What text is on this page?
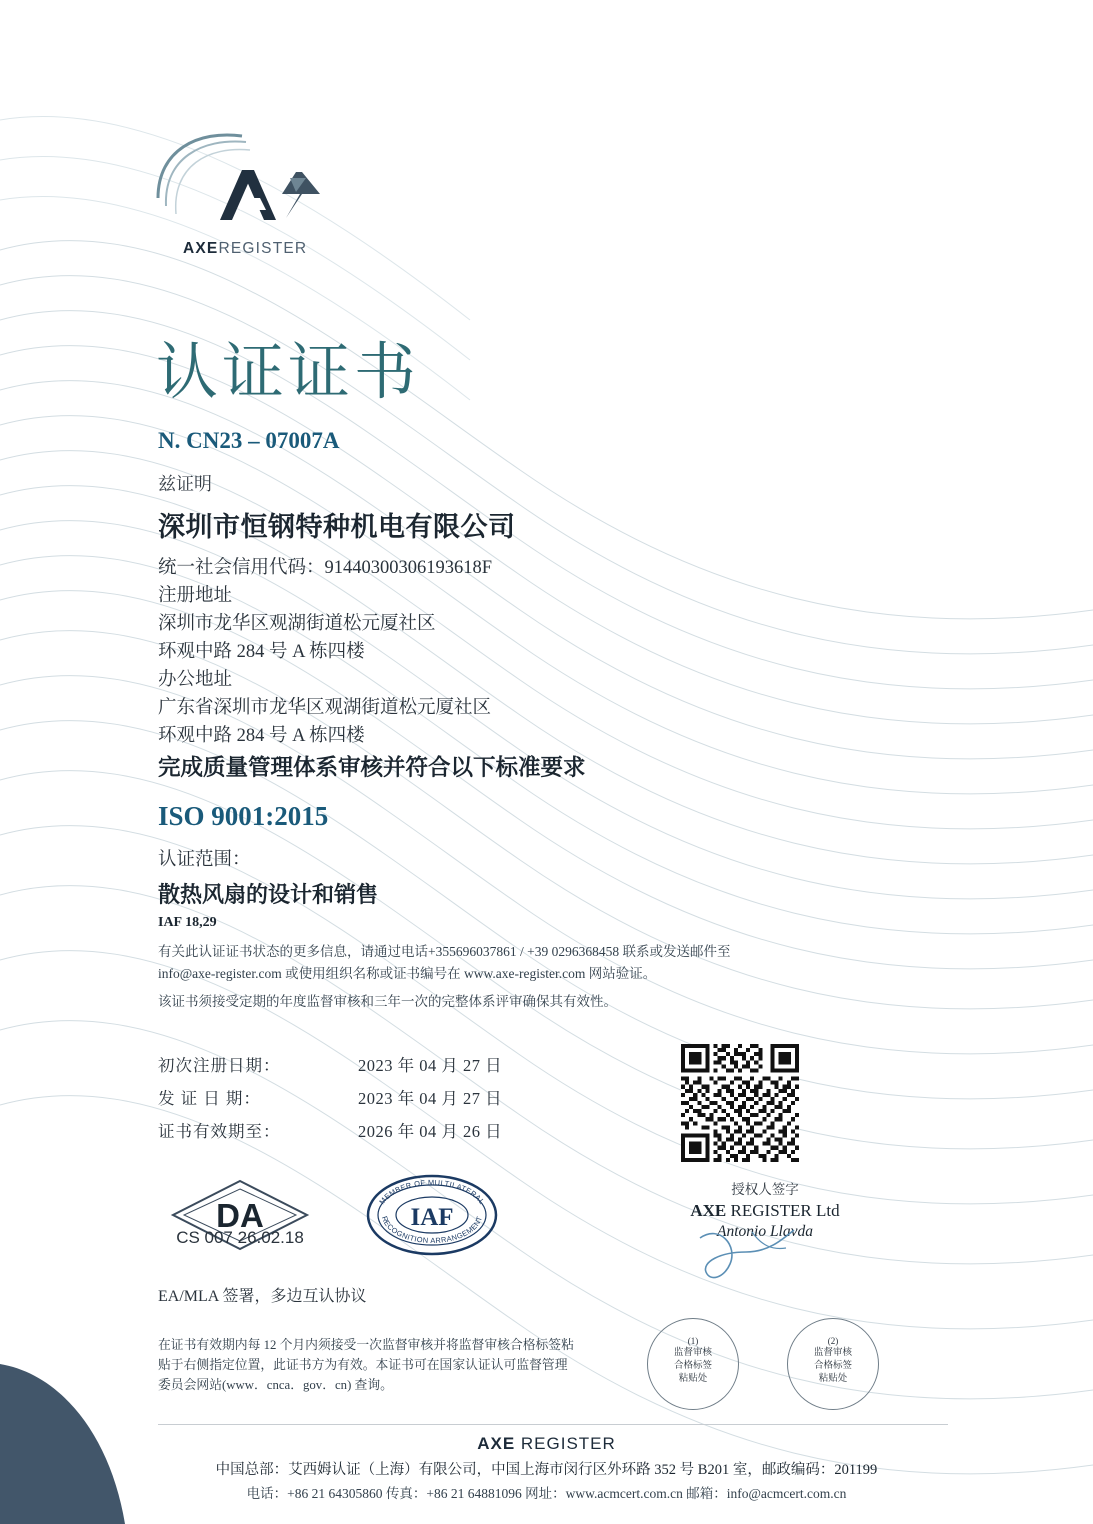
AXEREGISTER
认证证书
N. CN23 – 07007A
兹证明
深圳市恒钢特种机电有限公司
统一社会信用代码：91440300306193618F
注册地址
深圳市龙华区观湖街道松元厦社区
环观中路 284 号 A 栋四楼
办公地址
广东省深圳市龙华区观湖街道松元厦社区
环观中路 284 号 A 栋四楼
完成质量管理体系审核并符合以下标准要求
ISO 9001:2015
认证范围：
散热风扇的设计和销售
IAF 18,29
有关此认证证书状态的更多信息，请通过电话+355696037861 / +39 0296368458 联系或发送邮件至
info@axe-register.com 或使用组织名称或证书编号在 www.axe-register.com 网站验证。
该证书须接受定期的年度监督审核和三年一次的完整体系评审确保其有效性。
初次注册日期：	2023 年 04 月 27 日
发 证 日 期：	2023 年 04 月 27 日
证书有效期至：	2026 年 04 月 26 日
DA
CS 007 26.02.18
IAF
MEMBER OF MULTILATERAL
RECOGNITION ARRANGEMENT
授权人签字
AXE REGISTER Ltd
Antonio Llavda
EA/MLA 签署，多边互认协议
在证书有效期内每 12 个月内须接受一次监督审核并将监督审核合格标签粘贴于右侧指定位置，此证书方为有效。本证书可在国家认证认可监督管理委员会网站(www．cnca．gov．cn) 查询。
(1)
监督审核
合格标签
粘贴处
(2)
监督审核
合格标签
粘贴处
AXE REGISTER
中国总部：艾西姆认证（上海）有限公司，中国上海市闵行区外环路 352 号 B201 室，邮政编码：201199
电话：+86 21 64305860 传真：+86 21 64881096 网址：www.acmcert.com.cn 邮箱：info@acmcert.com.cn
